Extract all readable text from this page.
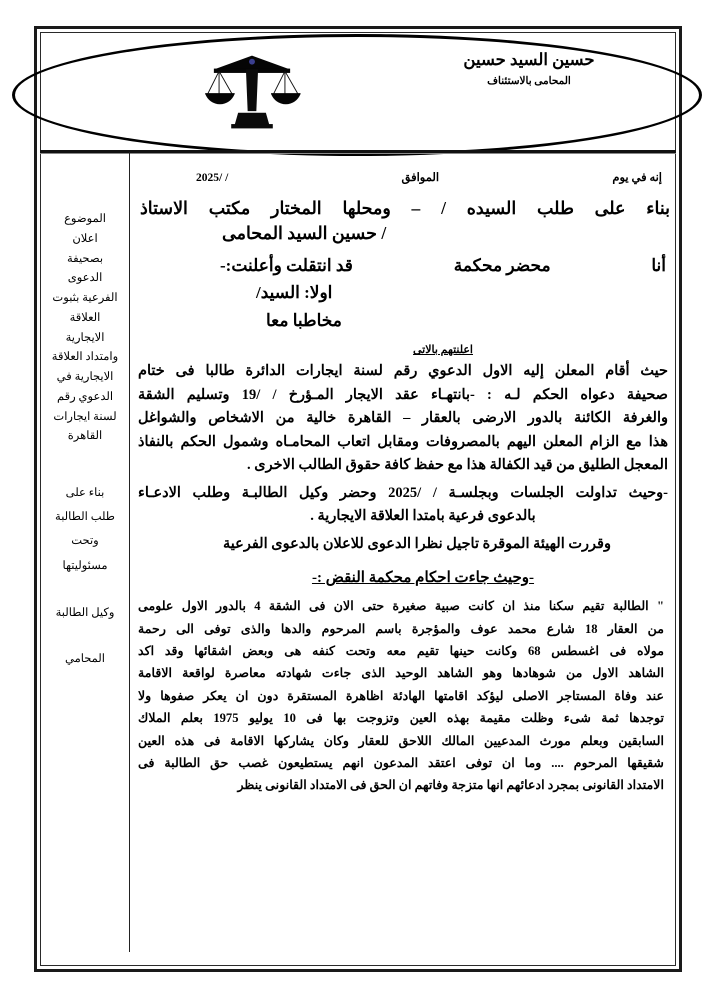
حسين السيد حسين
المحامى بالاستئناف
الموضوع
اعلان
بصحيفة
الدعوى
الفرعية بثبوت
العلاقة
الايجارية
وامتداد العلاقة
الايجارية في
الدعوي رقم
لسنة ايجارات
القاهرة
بناء على
طلب الطالبة
وتحت
مسئوليتها
وكيل الطالبة
المحامي
إنه في يوم
الموافق
/ /2025
بناء على طلب السيده / – ومحلها المختار مكتب الاستاذ
/ حسين السيد المحامى
أنا
محضر محكمة
قد انتقلت وأعلنت:-
اولا: السيد/
مخاطبا معا
اعلنتهم بالاتى
حيث أقام المعلن إليه الاول الدعوي رقم لسنة ايجارات الدائرة طالبا فى ختام
صحيفة دعواه الحكم لـه : -بانتهـاء عقد الايجار المـؤرخ / /19 وتسليم الشقة
والغرفة الكائنة بالدور الارضى بالعقار – القاهرة خالية من الاشخاص والشواغل
هذا مع الزام المعلن اليهم بالمصروفات ومقابل اتعاب المحامـاه وشمول الحكم بالنفاذ
المعجل الطليق من قيد الكفالة هذا مع حفظ كافة حقوق الطالب الاخرى .
-وحيث تداولت الجلسات وبجلسـة / /2025 وحضر وكيل الطالبـة وطلب الادعـاء
بالدعوى فرعية بامتدا العلاقة الايجارية .
وقررت الهيئة الموقرة تاجيل نظرا الدعوى للاعلان بالدعوى الفرعية
-وحيث جاءت احكام محكمة النقض :-
" الطالبة تقيم سكنا منذ ان كانت صبية صغيرة حتى الان فى الشقة 4 بالدور الاول علومى
من العقار 18 شارع محمد عوف والمؤجرة باسم المرحوم والدها والذى توفى الى رحمة
مولاه فى اغسطس 68 وكانت حينها تقيم معه وتحت كنفه هى وبعض اشقائها وقد اكد
الشاهد الاول من شوهادها وهو الشاهد الوحيد الذى جاءت شهادته معاصرة لواقعة الاقامة
عند وفاة المستاجر الاصلى ليؤكد اقامتها الهادئة اظاهرة المستقرة دون ان يعكر صفوها ولا
توجدها ثمة شىء وظلت مقيمة بهذه العين وتزوجت بها فى 10 يوليو 1975 بعلم الملاك
السابقين وبعلم مورث المدعيين المالك اللاحق للعقار وكان يشاركها الاقامة فى هذه العين
شقيقها المرحوم .... وما ان توفى اعتقد المدعون انهم يستطيعون غصب حق الطالبة فى
الامتداد القانونى بمجرد ادعائهم انها متزجة وفاتهم ان الحق فى الامتداد القانونى ينظر
